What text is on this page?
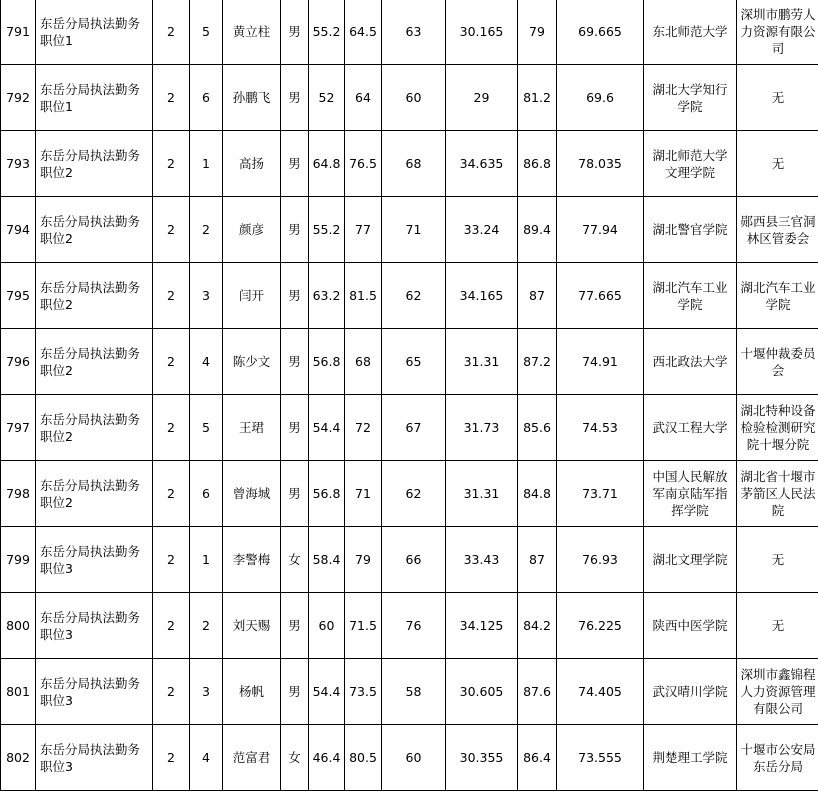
791	东岳分局执法勤务职位1	2	5	黄立柱	男	55.2	64.5	63	30.165	79	69.665	东北师范大学	深圳市鹏劳人力资源有限公司
792	东岳分局执法勤务职位1	2	6	孙鹏飞	男	52	64	60	29	81.2	69.6	湖北大学知行学院	无
793	东岳分局执法勤务职位2	2	1	高扬	男	64.8	76.5	68	34.635	86.8	78.035	湖北师范大学文理学院	无
794	东岳分局执法勤务职位2	2	2	颜彦	男	55.2	77	71	33.24	89.4	77.94	湖北警官学院	郧西县三官洞林区管委会
795	东岳分局执法勤务职位2	2	3	闫开	男	63.2	81.5	62	34.165	87	77.665	湖北汽车工业学院	湖北汽车工业学院
796	东岳分局执法勤务职位2	2	4	陈少文	男	56.8	68	65	31.31	87.2	74.91	西北政法大学	十堰仲裁委员会
797	东岳分局执法勤务职位2	2	5	王珺	男	54.4	72	67	31.73	85.6	74.53	武汉工程大学	湖北特种设备检验检测研究院十堰分院
798	东岳分局执法勤务职位2	2	6	曾海城	男	56.8	71	62	31.31	84.8	73.71	中国人民解放军南京陆军指挥学院	湖北省十堰市茅箭区人民法院
799	东岳分局执法勤务职位3	2	1	李警梅	女	58.4	79	66	33.43	87	76.93	湖北文理学院	无
800	东岳分局执法勤务职位3	2	2	刘天赐	男	60	71.5	76	34.125	84.2	76.225	陕西中医学院	无
801	东岳分局执法勤务职位3	2	3	杨帆	男	54.4	73.5	58	30.605	87.6	74.405	武汉晴川学院	深圳市鑫锦程人力资源管理有限公司
802	东岳分局执法勤务职位3	2	4	范富君	女	46.4	80.5	60	30.355	86.4	73.555	荆楚理工学院	十堰市公安局东岳分局
